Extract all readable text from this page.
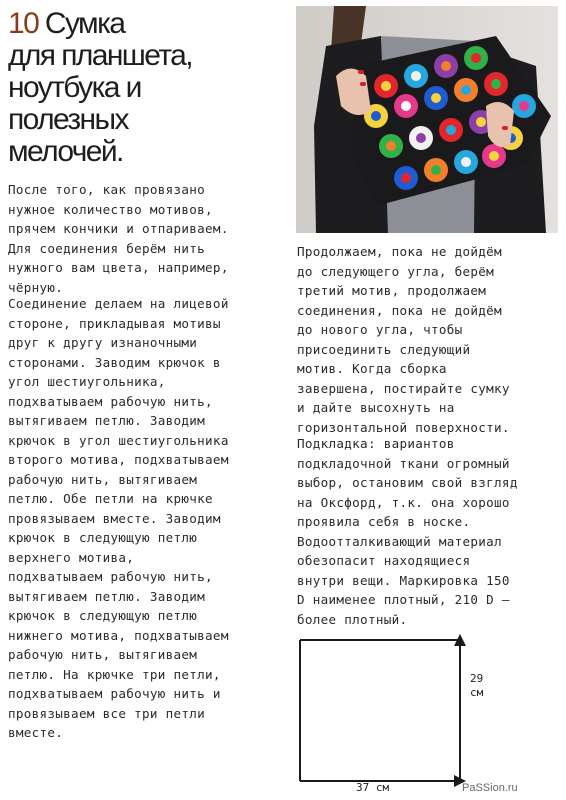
10 Сумка
для планшета,
ноутбука и
полезных
мелочей.
После того, как провязано
нужное количество мотивов,
прячем кончики и отпариваем.
Для соединения берём нить
нужного вам цвета, например,
чёрную.
Соединение делаем на лицевой
стороне, прикладывая мотивы
друг к другу изнаночными
сторонами. Заводим крючок в
угол шестиугольника,
подхватываем рабочую нить,
вытягиваем петлю. Заводим
крючок в угол шестиугольника
второго мотива, подхватываем
рабочую нить, вытягиваем
петлю. Обе петли на крючке
провязываем вместе. Заводим
крючок в следующую петлю
верхнего мотива,
подхватываем рабочую нить,
вытягиваем петлю. Заводим
крючок в следующую петлю
нижнего мотива, подхватываем
рабочую нить, вытягиваем
петлю. На крючке три петли,
подхватываем рабочую нить и
провязываем все три петли
вместе.
Продолжаем, пока не дойдём
до следующего угла, берём
третий мотив, продолжаем
соединения, пока не дойдём
до нового угла, чтобы
присоединить следующий
мотив. Когда сборка
завершена, постирайте сумку
и дайте высохнуть на
горизонтальной поверхности.
Подкладка: вариантов
подкладочной ткани огромный
выбор, остановим свой взгляд
на Оксфорд, т.к. она хорошо
проявила себя в носке.
Водоотталкивающий материал
обезопасит находящиеся
внутри вещи. Маркировка 150
D наименее плотный, 210 D –
более плотный.
29
см
37 см	PaSSion.ru
